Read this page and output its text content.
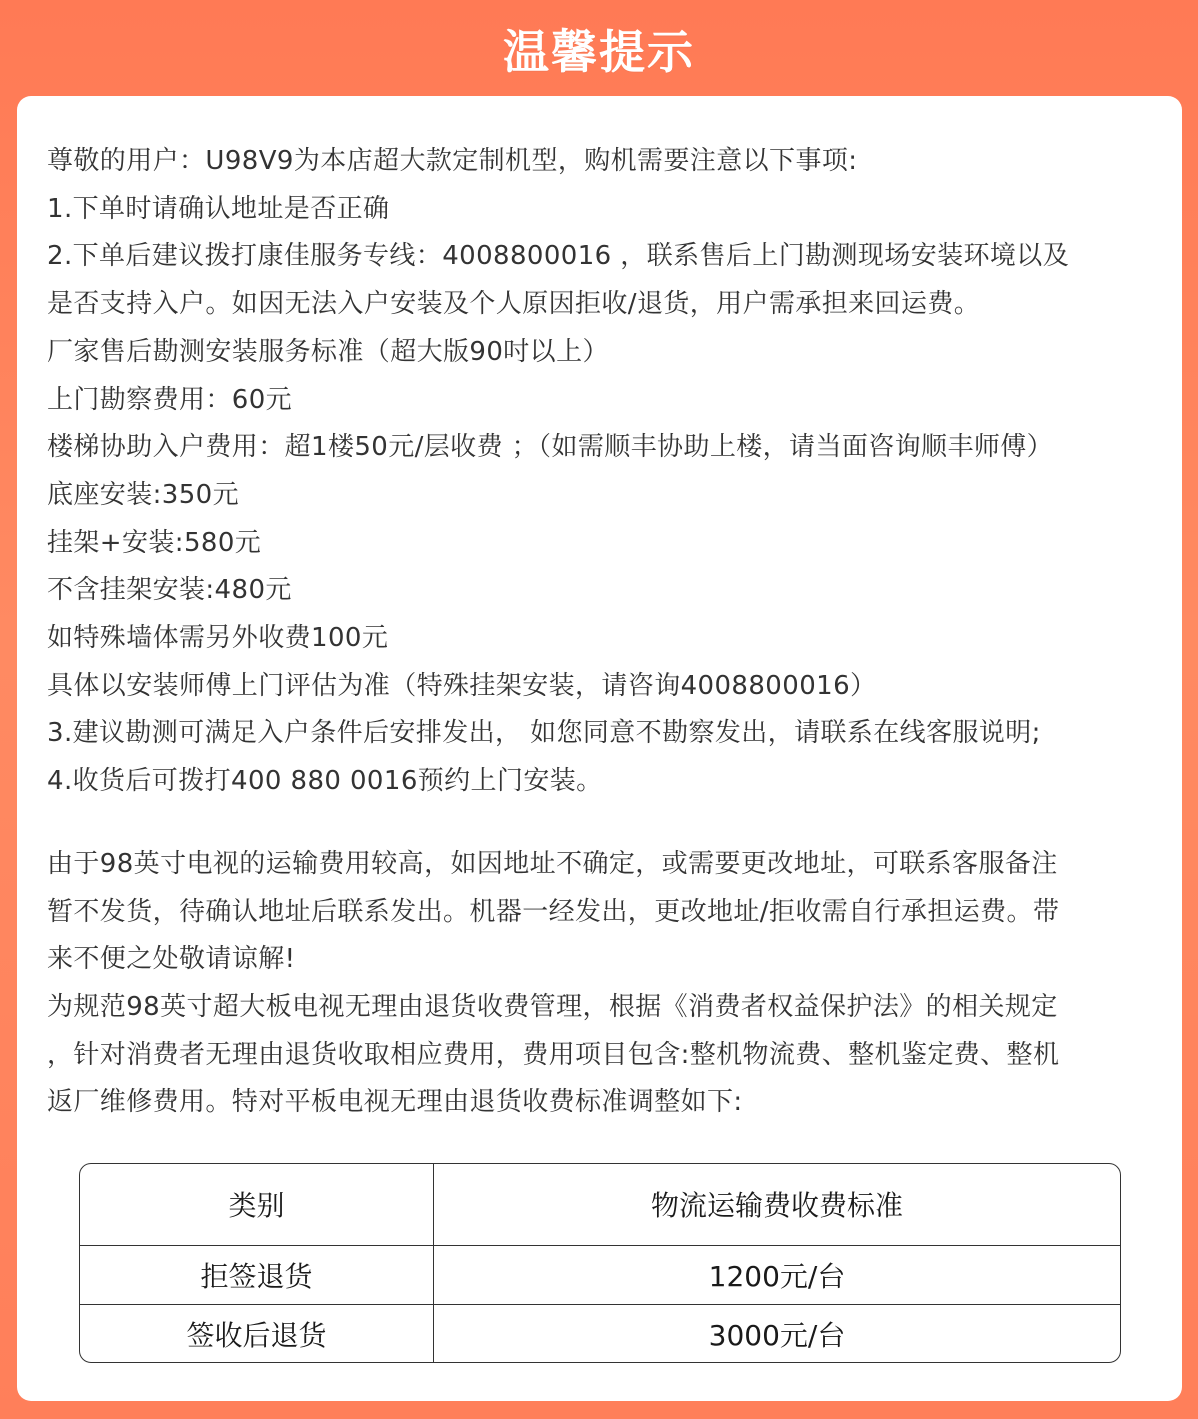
温馨提示
尊敬的用户：U98V9为本店超大款定制机型，购机需要注意以下事项:
1.下单时请确认地址是否正确
2.下单后建议拨打康佳服务专线：4008800016 ，联系售后上门勘测现场安装环境以及
是否支持入户。如因无法入户安装及个人原因拒收/退货，用户需承担来回运费。
厂家售后勘测安装服务标准（超大版90吋以上）
上门勘察费用：60元
楼梯协助入户费用：超1楼50元/层收费 ；（如需顺丰协助上楼，请当面咨询顺丰师傅）
底座安装:350元
挂架+安装:580元
不含挂架安装:480元
如特殊墙体需另外收费100元
具体以安装师傅上门评估为准（特殊挂架安装，请咨询4008800016）
3.建议勘测可满足入户条件后安排发出， 如您同意不勘察发出，请联系在线客服说明;
4.收货后可拨打400 880 0016预约上门安装。
由于98英寸电视的运输费用较高，如因地址不确定，或需要更改地址，可联系客服备注
暂不发货，待确认地址后联系发出。机器一经发出，更改地址/拒收需自行承担运费。带
来不便之处敬请谅解!
为规范98英寸超大板电视无理由退货收费管理，根据《消费者权益保护法》的相关规定
，针对消费者无理由退货收取相应费用，费用项目包含:整机物流费、整机鉴定费、整机
返厂维修费用。特对平板电视无理由退货收费标准调整如下:
类别	物流运输费收费标准
拒签退货	1200元/台
签收后退货	3000元/台
